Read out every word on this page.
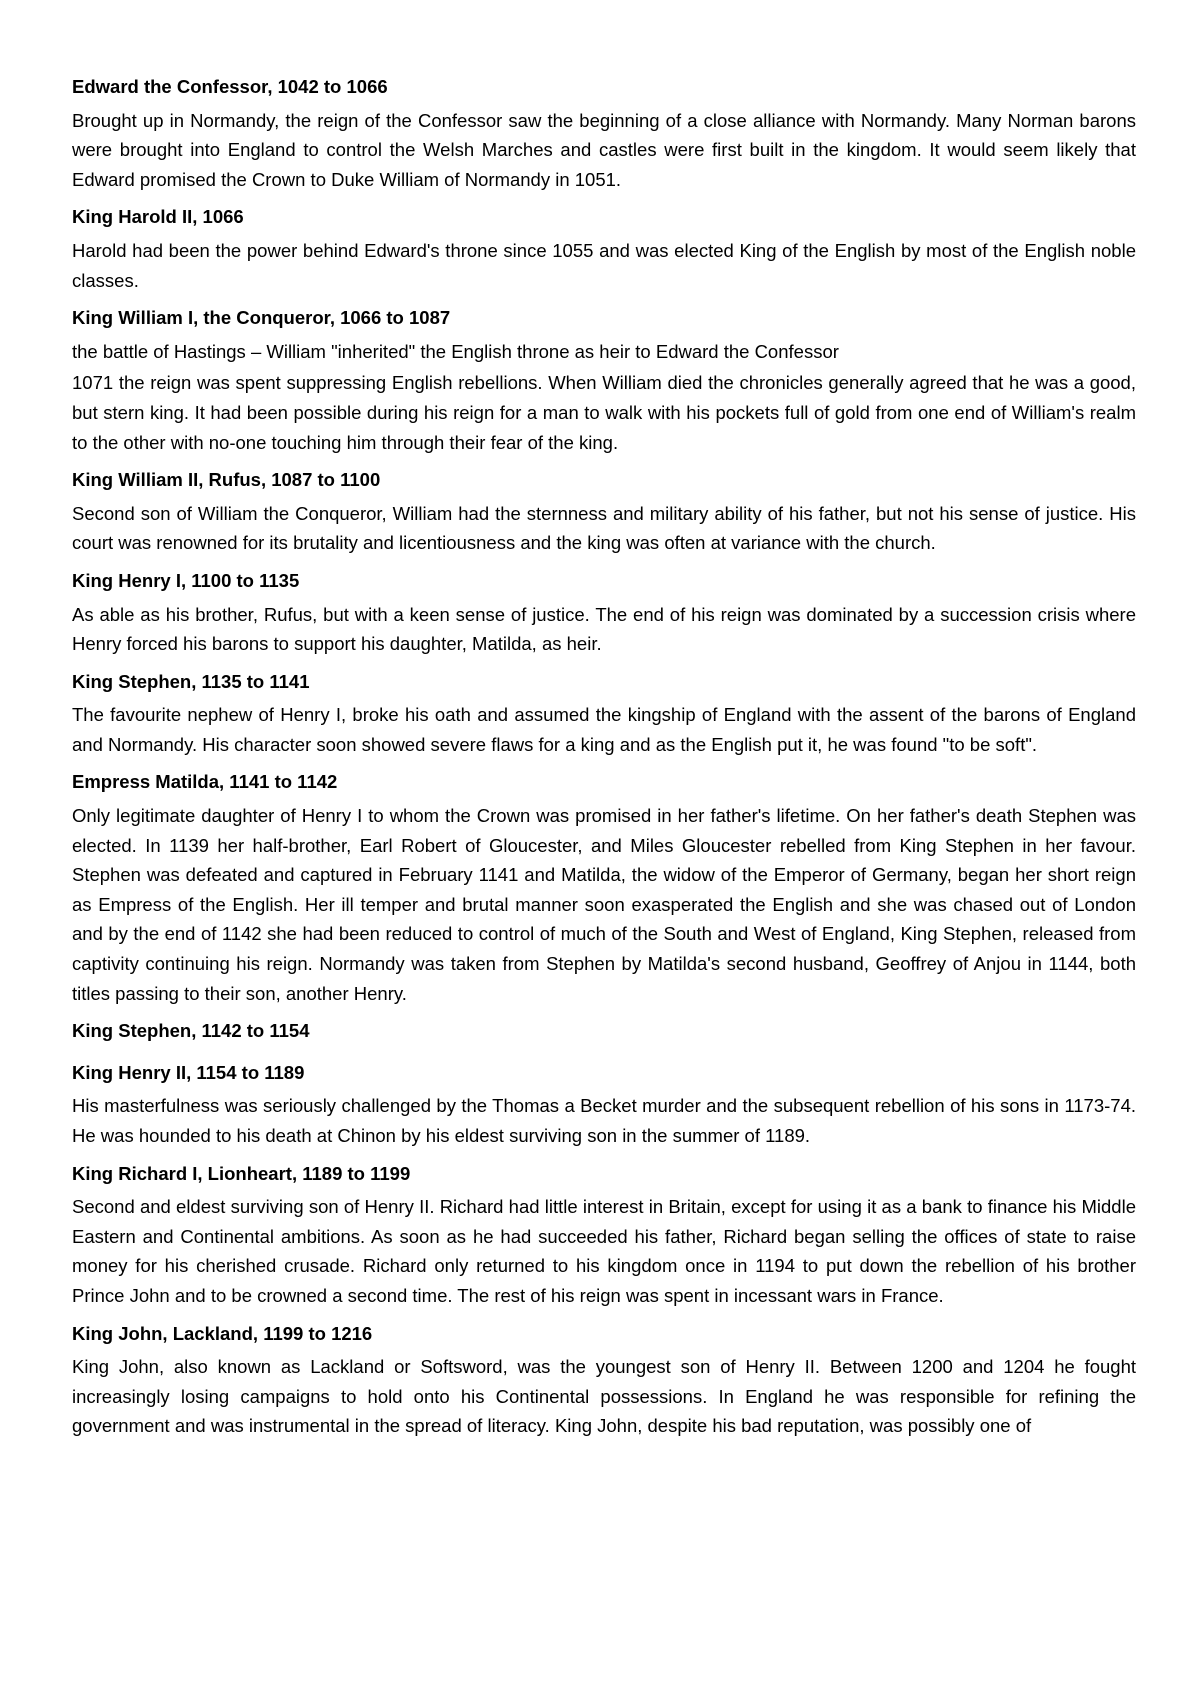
Edward the Confessor, 1042 to 1066
Brought up in Normandy, the reign of the Confessor saw the beginning of a close alliance with Normandy. Many Norman barons were brought into England to control the Welsh Marches and castles were first built in the kingdom. It would seem likely that Edward promised the Crown to Duke William of Normandy in 1051.
King Harold II, 1066
Harold had been the power behind Edward's throne since 1055 and was elected King of the English by most of the English noble classes.
King William I, the Conqueror, 1066 to 1087
the battle of Hastings – William "inherited" the English throne as heir to Edward the Confessor
1071 the reign was spent suppressing English rebellions. When William died the chronicles generally agreed that he was a good, but stern king. It had been possible during his reign for a man to walk with his pockets full of gold from one end of William's realm to the other with no-one touching him through their fear of the king.
King William II, Rufus, 1087 to 1100
Second son of William the Conqueror, William had the sternness and military ability of his father, but not his sense of justice. His court was renowned for its brutality and licentiousness and the king was often at variance with the church.
King Henry I, 1100 to 1135
As able as his brother, Rufus, but with a keen sense of justice. The end of his reign was dominated by a succession crisis where Henry forced his barons to support his daughter, Matilda, as heir.
King Stephen, 1135 to 1141
The favourite nephew of Henry I, broke his oath and assumed the kingship of England with the assent of the barons of England and Normandy. His character soon showed severe flaws for a king and as the English put it, he was found "to be soft".
Empress Matilda, 1141 to 1142
Only legitimate daughter of Henry I to whom the Crown was promised in her father's lifetime. On her father's death Stephen was elected. In 1139 her half-brother, Earl Robert of Gloucester, and Miles Gloucester rebelled from King Stephen in her favour. Stephen was defeated and captured in February 1141 and Matilda, the widow of the Emperor of Germany, began her short reign as Empress of the English. Her ill temper and brutal manner soon exasperated the English and she was chased out of London and by the end of 1142 she had been reduced to control of much of the South and West of England, King Stephen, released from captivity continuing his reign. Normandy was taken from Stephen by Matilda's second husband, Geoffrey of Anjou in 1144, both titles passing to their son, another Henry.
King Stephen, 1142 to 1154
King Henry II, 1154 to 1189
His masterfulness was seriously challenged by the Thomas a Becket murder and the subsequent rebellion of his sons in 1173-74. He was hounded to his death at Chinon by his eldest surviving son in the summer of 1189.
King Richard I, Lionheart, 1189 to 1199
Second and eldest surviving son of Henry II. Richard had little interest in Britain, except for using it as a bank to finance his Middle Eastern and Continental ambitions. As soon as he had succeeded his father, Richard began selling the offices of state to raise money for his cherished crusade. Richard only returned to his kingdom once in 1194 to put down the rebellion of his brother Prince John and to be crowned a second time. The rest of his reign was spent in incessant wars in France.
King John, Lackland, 1199 to 1216
King John, also known as Lackland or Softsword, was the youngest son of Henry II. Between 1200 and 1204 he fought increasingly losing campaigns to hold onto his Continental possessions. In England he was responsible for refining the government and was instrumental in the spread of literacy. King John, despite his bad reputation, was possibly one of
